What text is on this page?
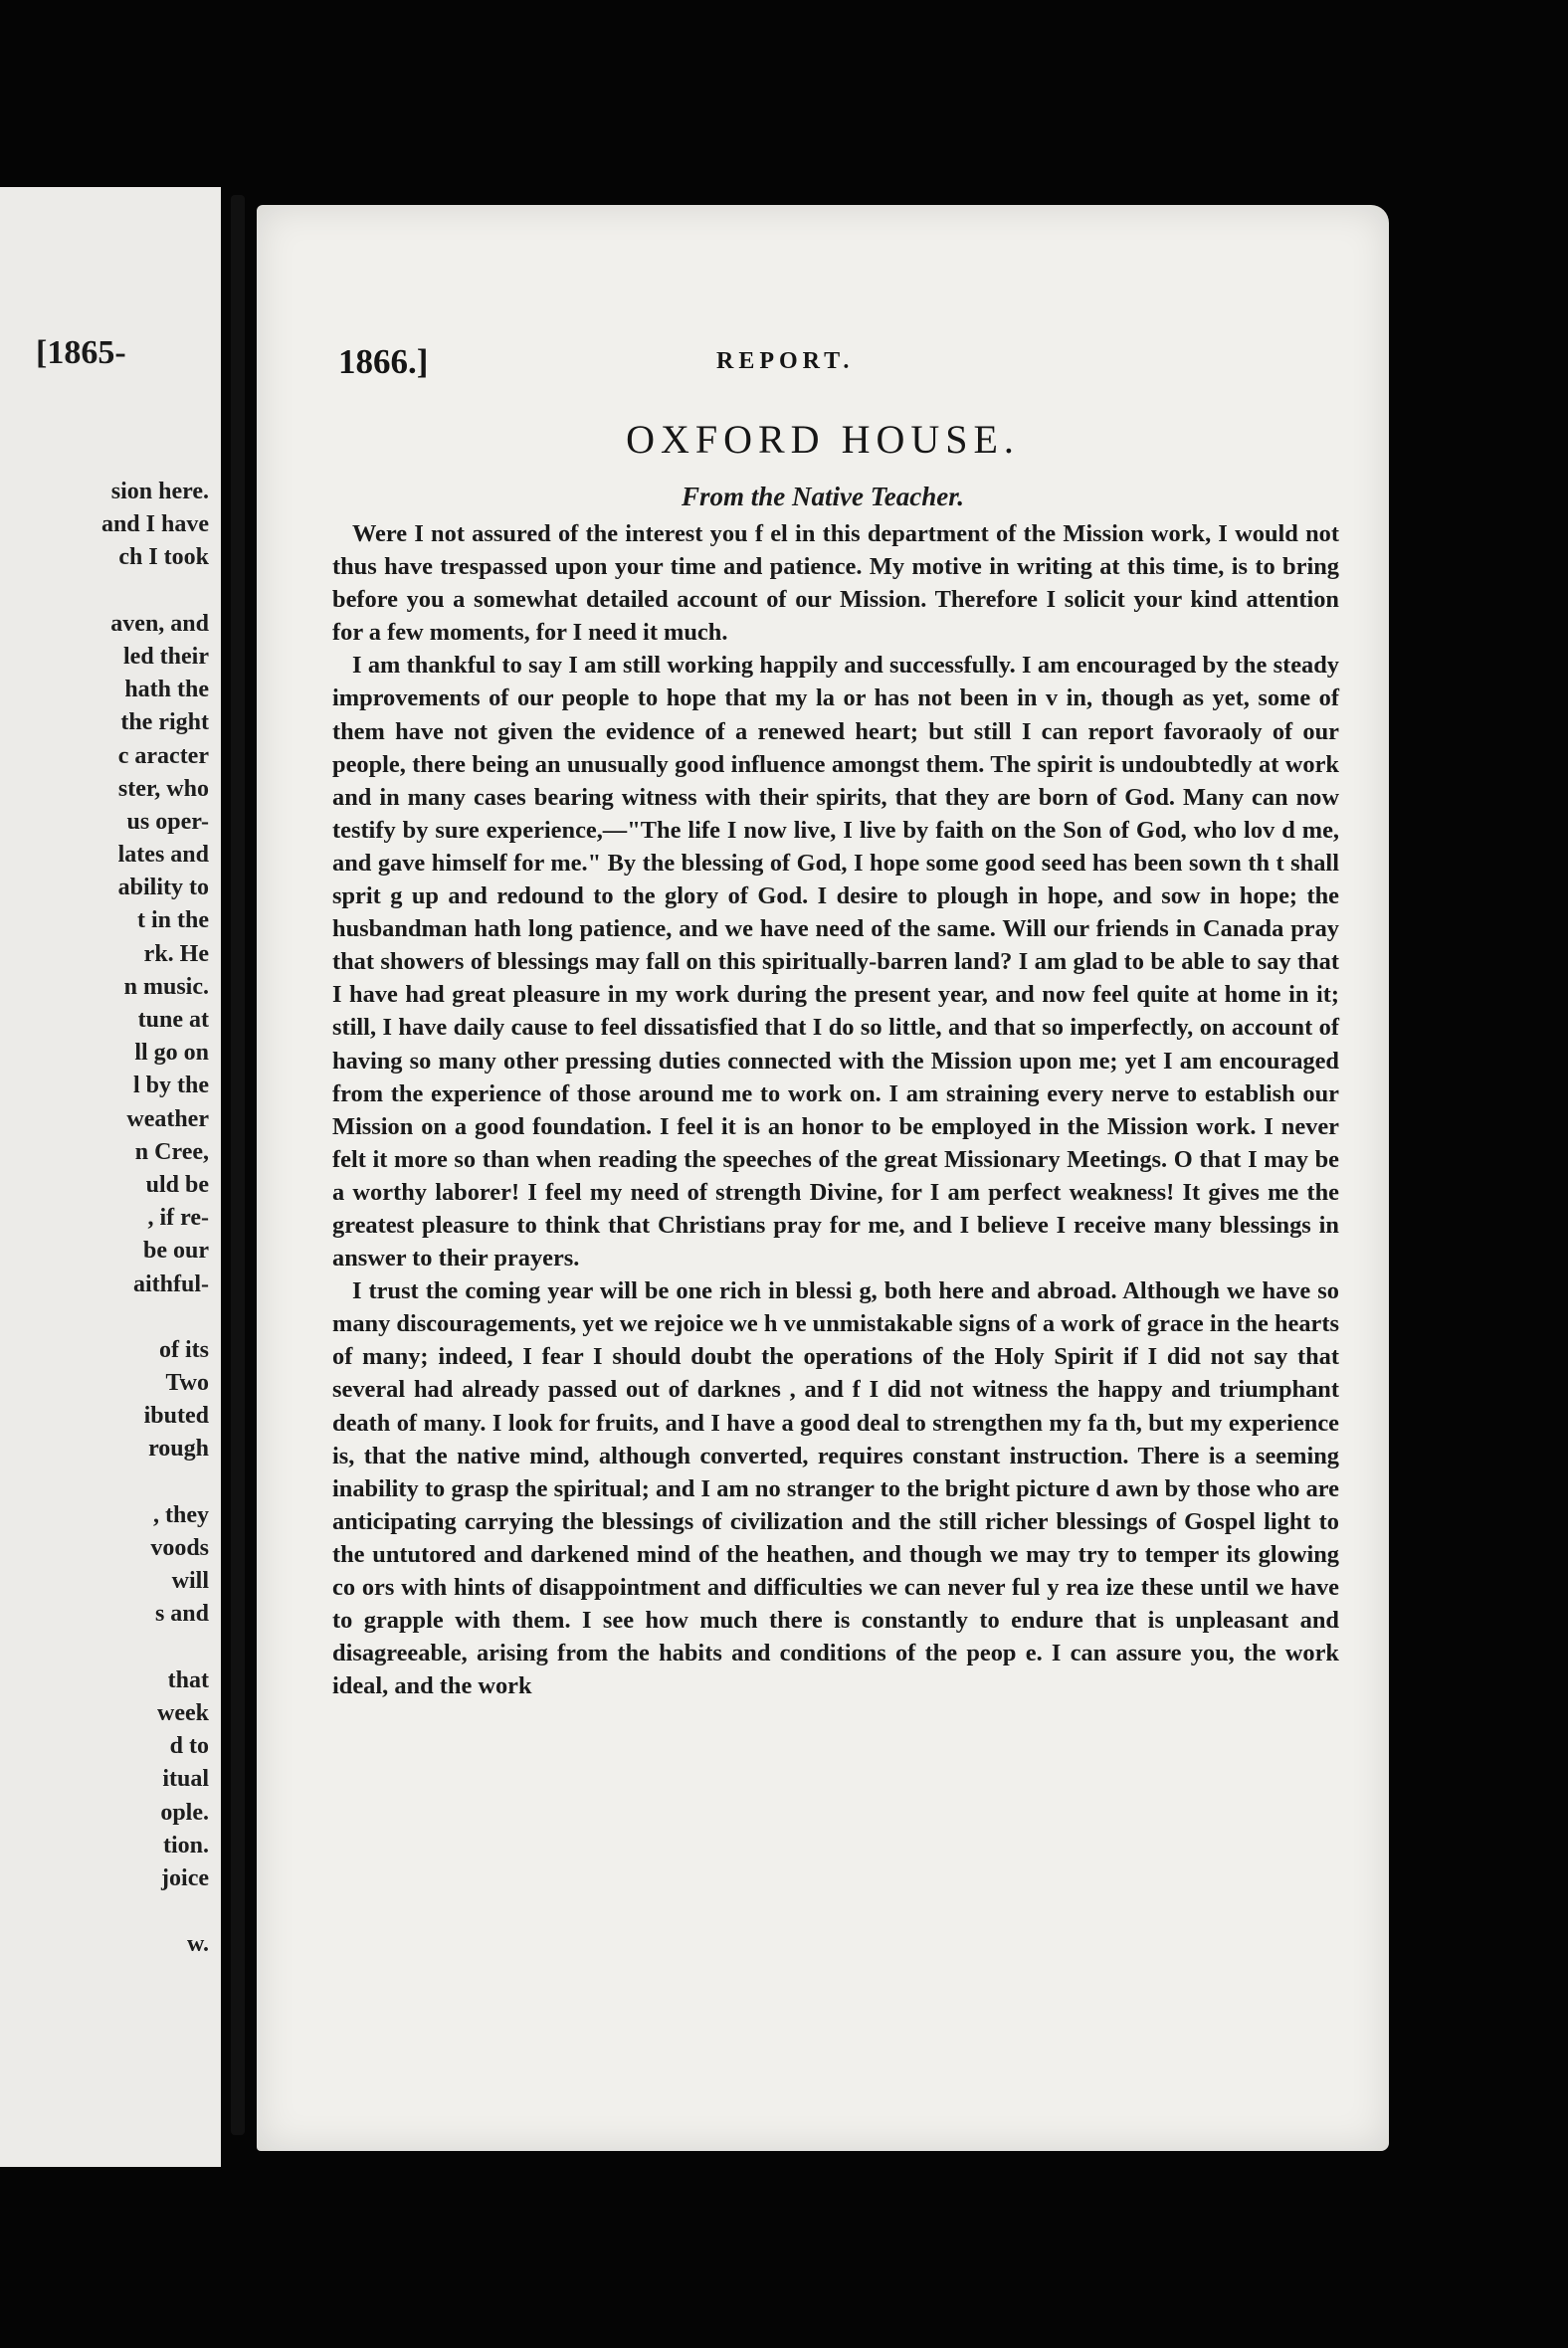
[1865-
sion here.
and I have
ch I took
aven, and
led their
hath the
the right
c aracter
ster, who
us oper-
lates and
ability to
t in the
rk. He
n music.
tune at
ll go on
l by the
weather
n Cree,
uld be
, if re-
be our
aithful-
of its
Two
ibuted
rough
, they
voods
will
s and
that
week
d to
itual
ople.
tion.
joice
w.
1866.]	REPORT.
OXFORD HOUSE.
From the Native Teacher.

Were I not assured of the interest you f el in this department of the Mission work, I would not thus have trespassed upon your time and patience. My motive in writing at this time, is to bring before you a somewhat detailed account of our Mission. Therefore I solicit your kind attention for a few moments, for I need it much.

I am thankful to say I am still working happily and successfully. I am encouraged by the steady improvements of our people to hope that my la or has not been in v in, though as yet, some of them have not given the evidence of a renewed heart; but still I can report favoraoly of our people, there being an unusually good influence amongst them. The spirit is undoubtedly at work and in many cases bearing witness with their spirits, that they are born of God. Many can now testify by sure experience,—"The life I now live, I live by faith on the Son of God, who lov d me, and gave himself for me." By the blessing of God, I hope some good seed has been sown th t shall sprit g up and redound to the glory of God. I desire to plough in hope, and sow in hope; the husbandman hath long patience, and we have need of the same. Will our friends in Canada pray that showers of blessings may fall on this spiritually-barren land? I am glad to be able to say that I have had great pleasure in my work during the present year, and now feel quite at home in it; still, I have daily cause to feel dissatisfied that I do so little, and that so imperfectly, on account of having so many other pressing duties connected with the Mission upon me; yet I am encouraged from the experience of those around me to work on. I am straining every nerve to establish our Mission on a good foundation. I feel it is an honor to be employed in the Mission work. I never felt it more so than when reading the speeches of the great Missionary Meetings. O that I may be a worthy laborer! I feel my need of strength Divine, for I am perfect weakness! It gives me the greatest pleasure to think that Christians pray for me, and I believe I receive many blessings in answer to their prayers.

I trust the coming year will be one rich in blessi g, both here and abroad. Although we have so many discouragements, yet we rejoice we h ve unmistakable signs of a work of grace in the hearts of many; indeed, I fear I should doubt the operations of the Holy Spirit if I did not say that several had already passed out of darknes , and f I did not witness the happy and triumphant death of many. I look for fruits, and I have a good deal to strengthen my fa th, but my experience is, that the native mind, although converted, requires constant instruction. There is a seeming inability to grasp the spiritual; and I am no stranger to the bright picture d awn by those who are anticipating carrying the blessings of civilization and the still richer blessings of Gospel light to the untutored and darkened mind of the heathen, and though we may try to temper its glowing co ors with hints of disappointment and difficulties we can never ful y rea ize these until we have to grapple with them. I see how much there is constantly to endure that is unpleasant and disagreeable, arising from the habits and conditions of the peop e. I can assure you, the work ideal, and the work
